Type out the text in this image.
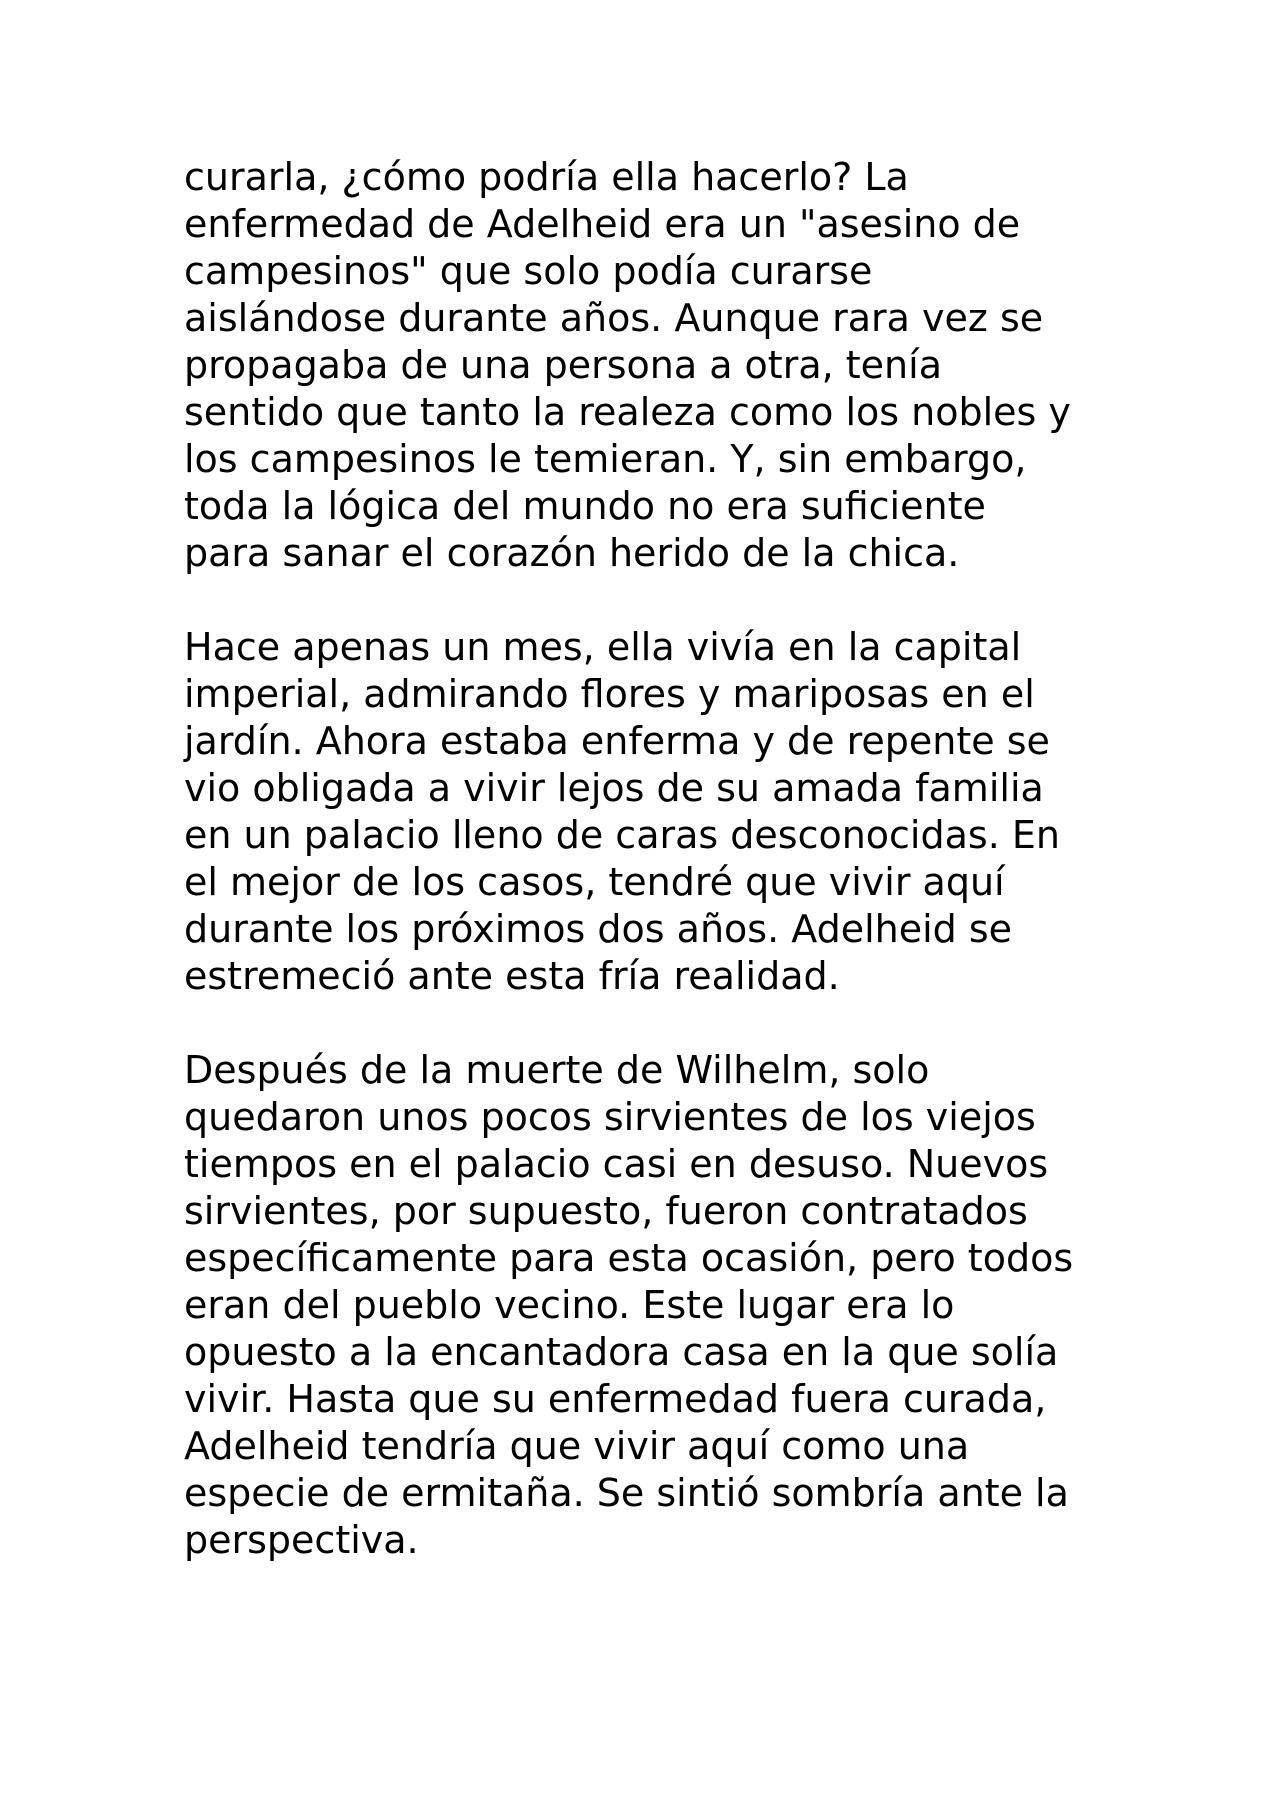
curarla, ¿cómo podría ella hacerlo? La
enfermedad de Adelheid era un "asesino de
campesinos" que solo podía curarse
aislándose durante años. Aunque rara vez se
propagaba de una persona a otra, tenía
sentido que tanto la realeza como los nobles y
los campesinos le temieran. Y, sin embargo,
toda la lógica del mundo no era suficiente
para sanar el corazón herido de la chica.
Hace apenas un mes, ella vivía en la capital
imperial, admirando flores y mariposas en el
jardín. Ahora estaba enferma y de repente se
vio obligada a vivir lejos de su amada familia
en un palacio lleno de caras desconocidas. En
el mejor de los casos, tendré que vivir aquí
durante los próximos dos años. Adelheid se
estremeció ante esta fría realidad.
Después de la muerte de Wilhelm, solo
quedaron unos pocos sirvientes de los viejos
tiempos en el palacio casi en desuso. Nuevos
sirvientes, por supuesto, fueron contratados
específicamente para esta ocasión, pero todos
eran del pueblo vecino. Este lugar era lo
opuesto a la encantadora casa en la que solía
vivir. Hasta que su enfermedad fuera curada,
Adelheid tendría que vivir aquí como una
especie de ermitaña. Se sintió sombría ante la
perspectiva.
